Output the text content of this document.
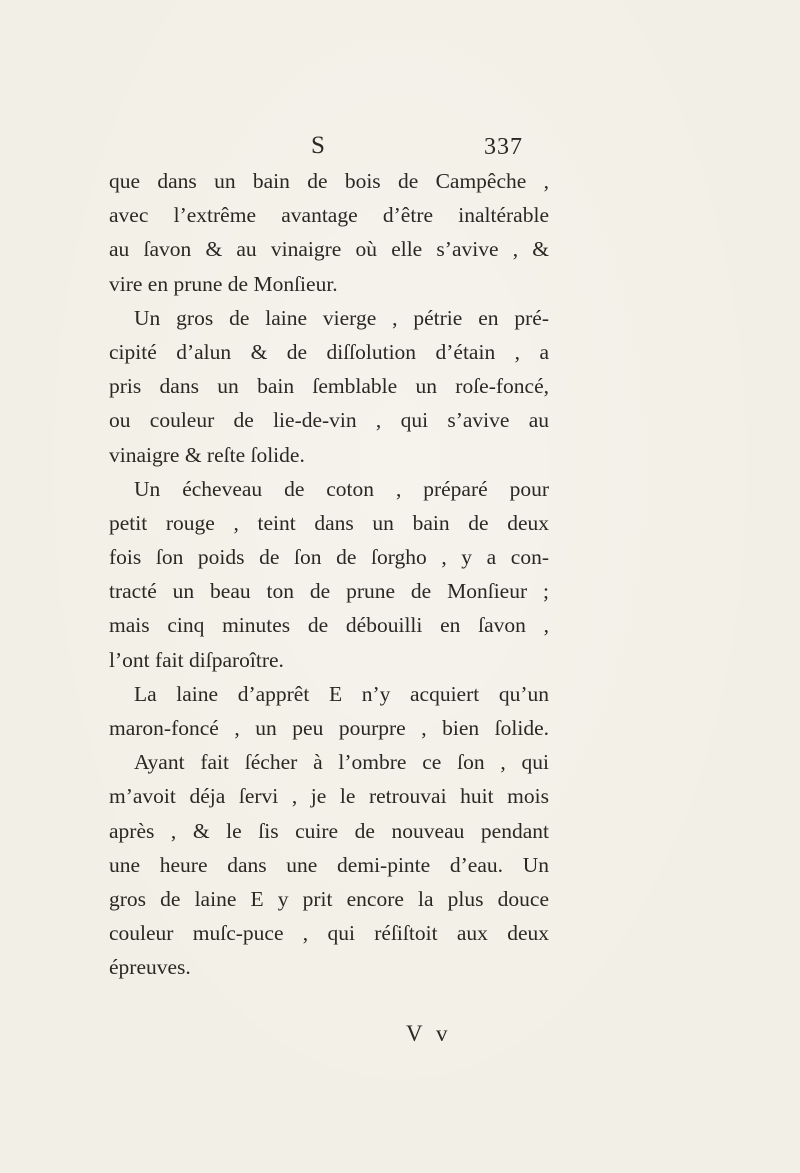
S	337
que dans un bain de bois de Campêche ,
avec l’extrême avantage d’être inaltérable
au ſavon & au vinaigre où elle s’avive , &
vire en prune de Monſieur.
Un gros de laine vierge , pétrie en pré-
cipité d’alun & de diſſolution d’étain , a
pris dans un bain ſemblable un roſe-foncé,
ou couleur de lie-de-vin , qui s’avive au
vinaigre & reſte ſolide.
Un écheveau de coton , préparé pour
petit rouge , teint dans un bain de deux
fois ſon poids de ſon de ſorgho , y a con-
tracté un beau ton de prune de Monſieur ;
mais cinq minutes de débouilli en ſavon ,
l’ont fait diſparoître.
La laine d’apprêt E n’y acquiert qu’un
maron-foncé , un peu pourpre , bien ſolide.
Ayant fait ſécher à l’ombre ce ſon , qui
m’avoit déja ſervi , je le retrouvai huit mois
après , & le ſis cuire de nouveau pendant
une heure dans une demi-pinte d’eau. Un
gros de laine E y prit encore la plus douce
couleur muſc-puce , qui réſiſtoit aux deux
épreuves.
V v
